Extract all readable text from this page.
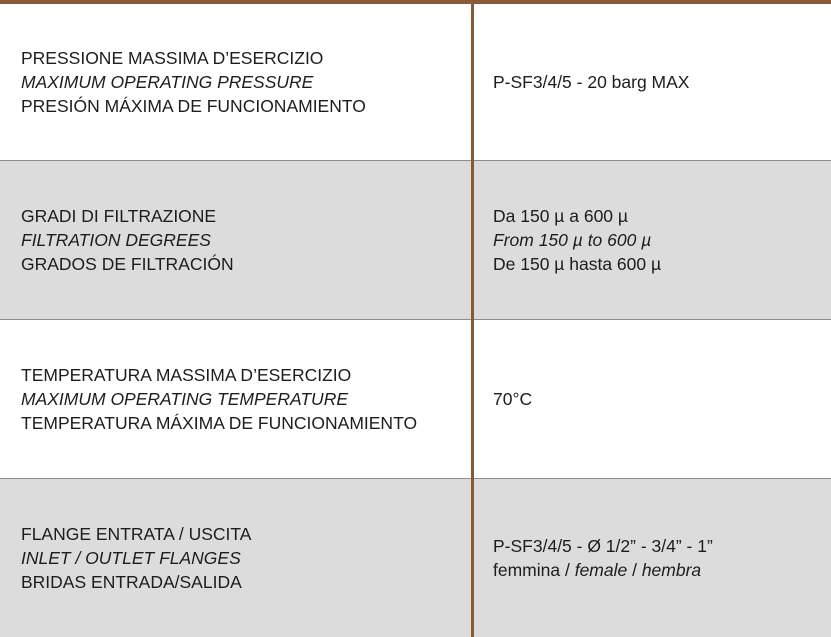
PRESSIONE MASSIMA D’ESERCIZIO
MAXIMUM OPERATING PRESSURE
PRESIÓN MÁXIMA DE FUNCIONAMIENTO
P-SF3/4/5 - 20 barg MAX
GRADI DI FILTRAZIONE
FILTRATION DEGREES
GRADOS DE FILTRACIÓN
Da 150 µ a 600 µ
From 150 µ to 600 µ
De 150 µ hasta 600 µ
TEMPERATURA MASSIMA D’ESERCIZIO
MAXIMUM OPERATING TEMPERATURE
TEMPERATURA MÁXIMA DE FUNCIONAMIENTO
70°C
FLANGE ENTRATA / USCITA
INLET / OUTLET FLANGES
BRIDAS ENTRADA/SALIDA
P-SF3/4/5 - Ø 1/2” - 3/4” - 1”
femmina / female / hembra
